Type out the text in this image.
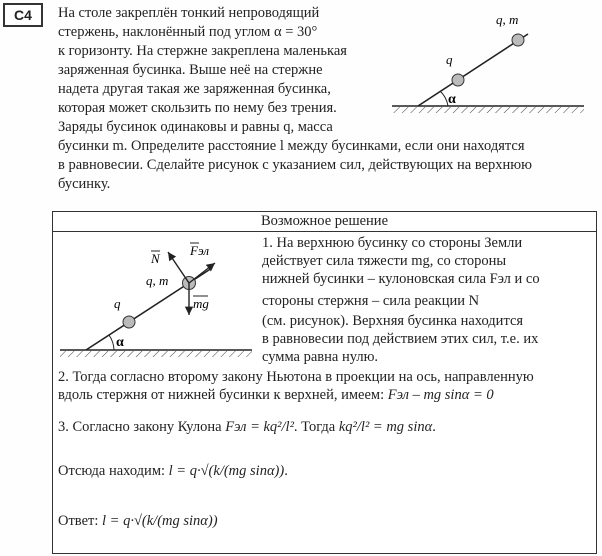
C4	На столе закреплён тонкий непроводящий
стержень, наклонённый под углом α = 30°
к горизонту. На стержне закреплена маленькая
заряженная бусинка. Выше неё на стержне
надета другая такая же заряженная бусинка,
которая может скользить по нему без трения.
Заряды бусинок одинаковы и равны q, масса
бусинки m. Определите расстояние l между бусинками, если они находятся
в равновесии. Сделайте рисунок с указанием сил, действующих на верхнюю
бусинку.
q
q, m
α
Возможное решение
N
Fэл
mg
q, m
q
α
1. На верхнюю бусинку со стороны Земли
действует сила тяжести mg, со стороны
нижней бусинки – кулоновская сила Fэл и со
стороны стержня – сила реакции N
(см. рисунок). Верхняя бусинка находится
в равновесии под действием этих сил, т.е. их
сумма равна нулю.
2. Тогда согласно второму закону Ньютона в проекции на ось, направленную
вдоль стержня от нижней бусинки к верхней, имеем: Fэл – mg sinα = 0
3. Согласно закону Кулона Fэл = kq²/l². Тогда kq²/l² = mg sinα.
Отсюда находим: l = q·√(k/(mg sinα)).
Ответ: l = q·√(k/(mg sinα))
